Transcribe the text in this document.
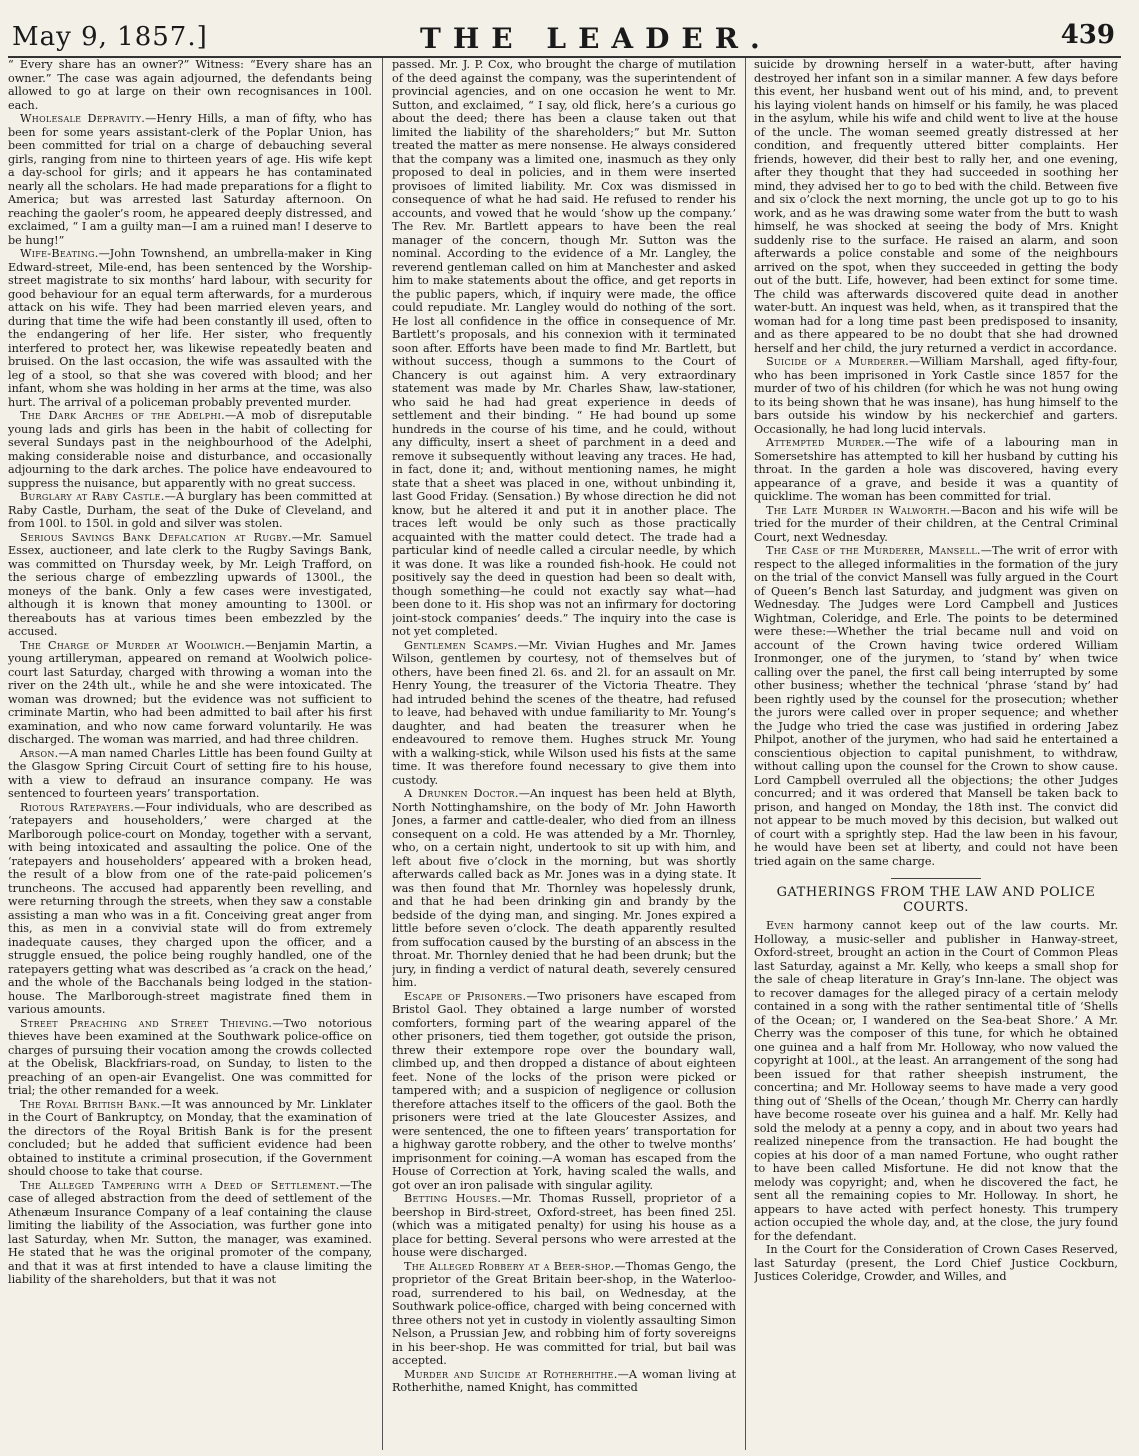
May 9, 1857.]	THE LEADER.	439

“ Every share has an owner?” Witness: “Every share has an owner.” The case was again adjourned, the defendants being allowed to go at large on their own recognisances in 100l. each.

Wholesale Depravity.—Henry Hills, a man of fifty, who has been for some years assistant-clerk of the Poplar Union, has been committed for trial on a charge of debauching several girls, ranging from nine to thirteen years of age. His wife kept a day-school for girls; and it appears he has contaminated nearly all the scholars. He had made preparations for a flight to America; but was arrested last Saturday afternoon. On reaching the gaoler’s room, he appeared deeply distressed, and exclaimed, “ I am a guilty man—I am a ruined man! I deserve to be hung!”

Wife-Beating.—John Townshend, an umbrella-maker in King Edward-street, Mile-end, has been sentenced by the Worship-street magistrate to six months’ hard labour, with security for good behaviour for an equal term afterwards, for a murderous attack on his wife. They had been married eleven years, and during that time the wife had been constantly ill used, often to the endangering of her life. Her sister, who frequently interfered to protect her, was likewise repeatedly beaten and bruised. On the last occasion, the wife was assaulted with the leg of a stool, so that she was covered with blood; and her infant, whom she was holding in her arms at the time, was also hurt. The arrival of a policeman probably prevented murder.

The Dark Arches of the Adelphi.—A mob of disreputable young lads and girls has been in the habit of collecting for several Sundays past in the neighbourhood of the Adelphi, making considerable noise and disturbance, and occasionally adjourning to the dark arches. The police have endeavoured to suppress the nuisance, but apparently with no great success.

Burglary at Raby Castle.—A burglary has been committed at Raby Castle, Durham, the seat of the Duke of Cleveland, and from 100l. to 150l. in gold and silver was stolen.

Serious Savings Bank Defalcation at Rugby.—Mr. Samuel Essex, auctioneer, and late clerk to the Rugby Savings Bank, was committed on Thursday week, by Mr. Leigh Trafford, on the serious charge of embezzling upwards of 1300l., the moneys of the bank. Only a few cases were investigated, although it is known that money amounting to 1300l. or thereabouts has at various times been embezzled by the accused.

The Charge of Murder at Woolwich.—Benjamin Martin, a young artilleryman, appeared on remand at Woolwich police-court last Saturday, charged with throwing a woman into the river on the 24th ult., while he and she were intoxicated. The woman was drowned; but the evidence was not sufficient to criminate Martin, who had been admitted to bail after his first examination, and who now came forward voluntarily. He was discharged. The woman was married, and had three children.

Arson.—A man named Charles Little has been found Guilty at the Glasgow Spring Circuit Court of setting fire to his house, with a view to defraud an insurance company. He was sentenced to fourteen years’ transportation.

Riotous Ratepayers.—Four individuals, who are described as ‘ratepayers and householders,’ were charged at the Marlborough police-court on Monday, together with a servant, with being intoxicated and assaulting the police. One of the ‘ratepayers and householders’ appeared with a broken head, the result of a blow from one of the rate-paid policemen’s truncheons. The accused had apparently been revelling, and were returning through the streets, when they saw a constable assisting a man who was in a fit. Conceiving great anger from this, as men in a convivial state will do from extremely inadequate causes, they charged upon the officer, and a struggle ensued, the police being roughly handled, one of the ratepayers getting what was described as ‘a crack on the head,’ and the whole of the Bacchanals being lodged in the station-house. The Marlborough-street magistrate fined them in various amounts.

Street Preaching and Street Thieving.—Two notorious thieves have been examined at the Southwark police-office on charges of pursuing their vocation among the crowds collected at the Obelisk, Blackfriars-road, on Sunday, to listen to the preaching of an open-air Evangelist. One was committed for trial; the other remanded for a week.

The Royal British Bank.—It was announced by Mr. Linklater in the Court of Bankruptcy, on Monday, that the examination of the directors of the Royal British Bank is for the present concluded; but he added that sufficient evidence had been obtained to institute a criminal prosecution, if the Government should choose to take that course.

The Alleged Tampering with a Deed of Settlement.—The case of alleged abstraction from the deed of settlement of the Athenæum Insurance Company of a leaf containing the clause limiting the liability of the Association, was further gone into last Saturday, when Mr. Sutton, the manager, was examined. He stated that he was the original promoter of the company, and that it was at first intended to have a clause limiting the liability of the shareholders, but that it was not

passed. Mr. J. P. Cox, who brought the charge of mutilation of the deed against the company, was the superintendent of provincial agencies, and on one occasion he went to Mr. Sutton, and exclaimed, “ I say, old flick, here’s a curious go about the deed; there has been a clause taken out that limited the liability of the shareholders;” but Mr. Sutton treated the matter as mere nonsense. He always considered that the company was a limited one, inasmuch as they only proposed to deal in policies, and in them were inserted provisoes of limited liability. Mr. Cox was dismissed in consequence of what he had said. He refused to render his accounts, and vowed that he would ‘show up the company.’ The Rev. Mr. Bartlett appears to have been the real manager of the concern, though Mr. Sutton was the nominal. According to the evidence of a Mr. Langley, the reverend gentleman called on him at Manchester and asked him to make statements about the office, and get reports in the public papers, which, if inquiry were made, the office could repudiate. Mr. Langley would do nothing of the sort. He lost all confidence in the office in consequence of Mr. Bartlett’s proposals, and his connexion with it terminated soon after. Efforts have been made to find Mr. Bartlett, but without success, though a summons to the Court of Chancery is out against him. A very extraordinary statement was made by Mr. Charles Shaw, law-stationer, who said he had had great experience in deeds of settlement and their binding. “ He had bound up some hundreds in the course of his time, and he could, without any difficulty, insert a sheet of parchment in a deed and remove it subsequently without leaving any traces. He had, in fact, done it; and, without mentioning names, he might state that a sheet was placed in one, without unbinding it, last Good Friday. (Sensation.) By whose direction he did not know, but he altered it and put it in another place. The traces left would be only such as those practically acquainted with the matter could detect. The trade had a particular kind of needle called a circular needle, by which it was done. It was like a rounded fish-hook. He could not positively say the deed in question had been so dealt with, though something—he could not exactly say what—had been done to it. His shop was not an infirmary for doctoring joint-stock companies’ deeds.” The inquiry into the case is not yet completed.

Gentlemen Scamps.—Mr. Vivian Hughes and Mr. James Wilson, gentlemen by courtesy, not of themselves but of others, have been fined 2l. 6s. and 2l. for an assault on Mr. Henry Young, the treasurer of the Victoria Theatre. They had intruded behind the scenes of the theatre, had refused to leave, had behaved with undue familiarity to Mr. Young’s daughter, and had beaten the treasurer when he endeavoured to remove them. Hughes struck Mr. Young with a walking-stick, while Wilson used his fists at the same time. It was therefore found necessary to give them into custody.

A Drunken Doctor.—An inquest has been held at Blyth, North Nottinghamshire, on the body of Mr. John Haworth Jones, a farmer and cattle-dealer, who died from an illness consequent on a cold. He was attended by a Mr. Thornley, who, on a certain night, undertook to sit up with him, and left about five o’clock in the morning, but was shortly afterwards called back as Mr. Jones was in a dying state. It was then found that Mr. Thornley was hopelessly drunk, and that he had been drinking gin and brandy by the bedside of the dying man, and singing. Mr. Jones expired a little before seven o’clock. The death apparently resulted from suffocation caused by the bursting of an abscess in the throat. Mr. Thornley denied that he had been drunk; but the jury, in finding a verdict of natural death, severely censured him.

Escape of Prisoners.—Two prisoners have escaped from Bristol Gaol. They obtained a large number of worsted comforters, forming part of the wearing apparel of the other prisoners, tied them together, got outside the prison, threw their extempore rope over the boundary wall, climbed up, and then dropped a distance of about eighteen feet. None of the locks of the prison were picked or tampered with; and a suspicion of negligence or collusion therefore attaches itself to the officers of the gaol. Both the prisoners were tried at the late Gloucester Assizes, and were sentenced, the one to fifteen years’ transportation for a highway garotte robbery, and the other to twelve months’ imprisonment for coining.—A woman has escaped from the House of Correction at York, having scaled the walls, and got over an iron palisade with singular agility.

Betting Houses.—Mr. Thomas Russell, proprietor of a beershop in Bird-street, Oxford-street, has been fined 25l. (which was a mitigated penalty) for using his house as a place for betting. Several persons who were arrested at the house were discharged.

The Alleged Robbery at a Beer-shop.—Thomas Gengo, the proprietor of the Great Britain beer-shop, in the Waterloo-road, surrendered to his bail, on Wednesday, at the Southwark police-office, charged with being concerned with three others not yet in custody in violently assaulting Simon Nelson, a Prussian Jew, and robbing him of forty sovereigns in his beer-shop. He was committed for trial, but bail was accepted.

Murder and Suicide at Rotherhithe.—A woman living at Rotherhithe, named Knight, has committed

suicide by drowning herself in a water-butt, after having destroyed her infant son in a similar manner. A few days before this event, her husband went out of his mind, and, to prevent his laying violent hands on himself or his family, he was placed in the asylum, while his wife and child went to live at the house of the uncle. The woman seemed greatly distressed at her condition, and frequently uttered bitter complaints. Her friends, however, did their best to rally her, and one evening, after they thought that they had succeeded in soothing her mind, they advised her to go to bed with the child. Between five and six o’clock the next morning, the uncle got up to go to his work, and as he was drawing some water from the butt to wash himself, he was shocked at seeing the body of Mrs. Knight suddenly rise to the surface. He raised an alarm, and soon afterwards a police constable and some of the neighbours arrived on the spot, when they succeeded in getting the body out of the butt. Life, however, had been extinct for some time. The child was afterwards discovered quite dead in another water-butt. An inquest was held, when, as it transpired that the woman had for a long time past been predisposed to insanity, and as there appeared to be no doubt that she had drowned herself and her child, the jury returned a verdict in accordance.

Suicide of a Murderer.—William Marshall, aged fifty-four, who has been imprisoned in York Castle since 1857 for the murder of two of his children (for which he was not hung owing to its being shown that he was insane), has hung himself to the bars outside his window by his neckerchief and garters. Occasionally, he had long lucid intervals.

Attempted Murder.—The wife of a labouring man in Somersetshire has attempted to kill her husband by cutting his throat. In the garden a hole was discovered, having every appearance of a grave, and beside it was a quantity of quicklime. The woman has been committed for trial.

The Late Murder in Walworth.—Bacon and his wife will be tried for the murder of their children, at the Central Criminal Court, next Wednesday.

The Case of the Murderer, Mansell.—The writ of error with respect to the alleged informalities in the formation of the jury on the trial of the convict Mansell was fully argued in the Court of Queen’s Bench last Saturday, and judgment was given on Wednesday. The Judges were Lord Campbell and Justices Wightman, Coleridge, and Erle. The points to be determined were these:—Whether the trial became null and void on account of the Crown having twice ordered William Ironmonger, one of the jurymen, to ‘stand by’ when twice calling over the panel, the first call being interrupted by some other business; whether the technical ‘phrase ‘stand by’ had been rightly used by the counsel for the prosecution; whether the jurors were called over in proper sequence; and whether the Judge who tried the case was justified in ordering Jabez Philpot, another of the jurymen, who had said he entertained a conscientious objection to capital punishment, to withdraw, without calling upon the counsel for the Crown to show cause. Lord Campbell overruled all the objections; the other Judges concurred; and it was ordered that Mansell be taken back to prison, and hanged on Monday, the 18th inst. The convict did not appear to be much moved by this decision, but walked out of court with a sprightly step. Had the law been in his favour, he would have been set at liberty, and could not have been tried again on the same charge.

GATHERINGS FROM THE LAW AND POLICE COURTS.

Even harmony cannot keep out of the law courts. Mr. Holloway, a music-seller and publisher in Hanway-street, Oxford-street, brought an action in the Court of Common Pleas last Saturday, against a Mr. Kelly, who keeps a small shop for the sale of cheap literature in Gray’s Inn-lane. The object was to recover damages for the alleged piracy of a certain melody contained in a song with the rather sentimental title of ‘Shells of the Ocean; or, I wandered on the Sea-beat Shore.’ A Mr. Cherry was the composer of this tune, for which he obtained one guinea and a half from Mr. Holloway, who now valued the copyright at 100l., at the least. An arrangement of the song had been issued for that rather sheepish instrument, the concertina; and Mr. Holloway seems to have made a very good thing out of ‘Shells of the Ocean,’ though Mr. Cherry can hardly have become roseate over his guinea and a half. Mr. Kelly had sold the melody at a penny a copy, and in about two years had realized ninepence from the transaction. He had bought the copies at his door of a man named Fortune, who ought rather to have been called Misfortune. He did not know that the melody was copyright; and, when he discovered the fact, he sent all the remaining copies to Mr. Holloway. In short, he appears to have acted with perfect honesty. This trumpery action occupied the whole day, and, at the close, the jury found for the defendant.

In the Court for the Consideration of Crown Cases Reserved, last Saturday (present, the Lord Chief Justice Cockburn, Justices Coleridge, Crowder, and Willes, and
